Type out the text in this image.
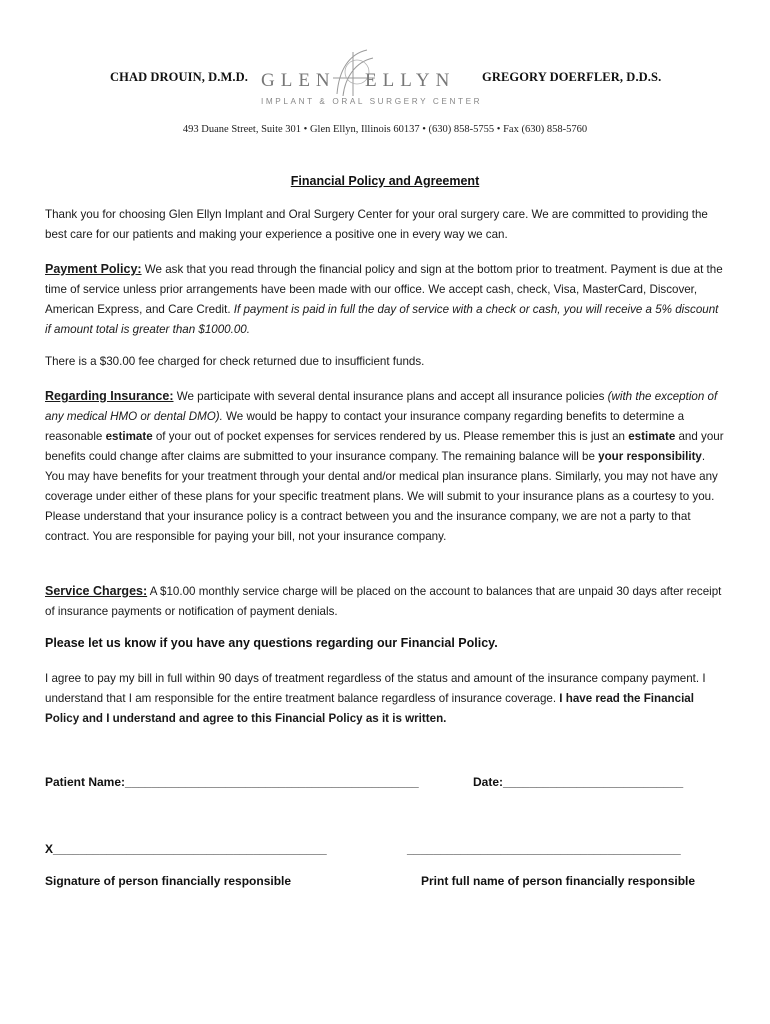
CHAD DROUIN, D.M.D. GLEN ELLYN
IMPLANT & ORAL SURGERY CENTER
GREGORY DOERFLER, D.D.S.
493 Duane Street, Suite 301 • Glen Ellyn, Illinois 60137 • (630) 858-5755 • Fax (630) 858-5760
Financial Policy and Agreement
Thank you for choosing Glen Ellyn Implant and Oral Surgery Center for your oral surgery care. We are committed to providing the best care for our patients and making your experience a positive one in every way we can.
Payment Policy: We ask that you read through the financial policy and sign at the bottom prior to treatment. Payment is due at the time of service unless prior arrangements have been made with our office. We accept cash, check, Visa, MasterCard, Discover, American Express, and Care Credit. If payment is paid in full the day of service with a check or cash, you will receive a 5% discount if amount total is greater than $1000.00.
There is a $30.00 fee charged for check returned due to insufficient funds.
Regarding Insurance: We participate with several dental insurance plans and accept all insurance policies (with the exception of any medical HMO or dental DMO). We would be happy to contact your insurance company regarding benefits to determine a reasonable estimate of your out of pocket expenses for services rendered by us. Please remember this is just an estimate and your benefits could change after claims are submitted to your insurance company. The remaining balance will be your responsibility. You may have benefits for your treatment through your dental and/or medical plan insurance plans. Similarly, you may not have any coverage under either of these plans for your specific treatment plans. We will submit to your insurance plans as a courtesy to you. Please understand that your insurance policy is a contract between you and the insurance company, we are not a party to that contract. You are responsible for paying your bill, not your insurance company.
Service Charges: A $10.00 monthly service charge will be placed on the account to balances that are unpaid 30 days after receipt of insurance payments or notification of payment denials.
Please let us know if you have any questions regarding our Financial Policy.
I agree to pay my bill in full within 90 days of treatment regardless of the status and amount of the insurance company payment. I understand that I am responsible for the entire treatment balance regardless of insurance coverage. I have read the Financial Policy and I understand and agree to this Financial Policy as it is written.
Patient Name:____________________________________________	Date:___________________________
X_________________________________________	_________________________________________
Signature of person financially responsible	Print full name of person financially responsible
